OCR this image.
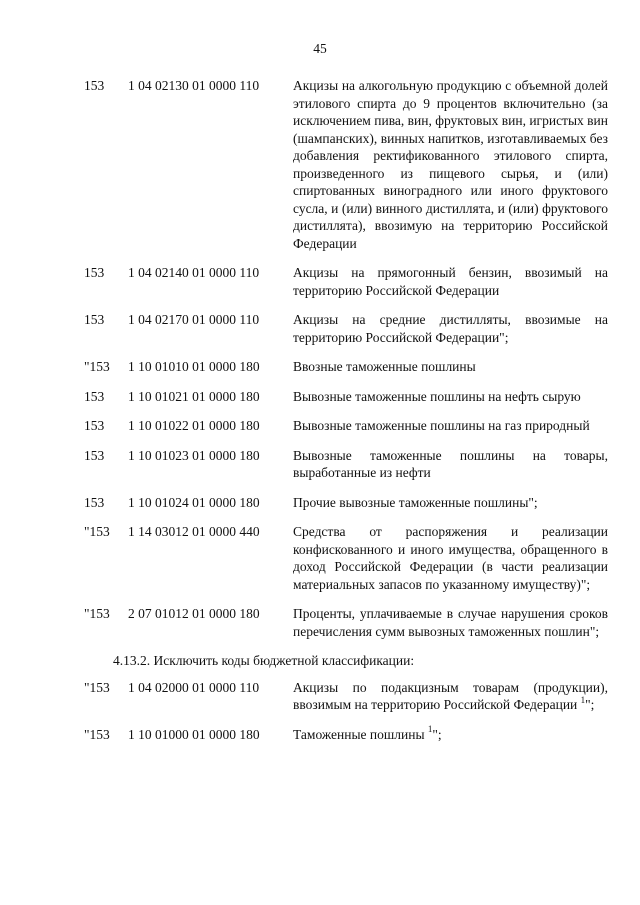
45
153	1 04 02130 01 0000 110	Акцизы на алкогольную продукцию с объемной долей этилового спирта до 9 процентов включительно (за исключением пива, вин, фруктовых вин, игристых вин (шампанских), винных напитков, изготавливаемых без добавления ректификованного этилового спирта, произведенного из пищевого сырья, и (или) спиртованных виноградного или иного фруктового сусла, и (или) винного дистиллята, и (или) фруктового дистиллята), ввозимую на территорию Российской Федерации
153	1 04 02140 01 0000 110	Акцизы на прямогонный бензин, ввозимый на территорию Российской Федерации
153	1 04 02170 01 0000 110	Акцизы на средние дистилляты, ввозимые на территорию Российской Федерации";
"153	1 10 01010 01 0000 180	Ввозные таможенные пошлины
153	1 10 01021 01 0000 180	Вывозные таможенные пошлины на нефть сырую
153	1 10 01022 01 0000 180	Вывозные таможенные пошлины на газ природный
153	1 10 01023 01 0000 180	Вывозные таможенные пошлины на товары, выработанные из нефти
153	1 10 01024 01 0000 180	Прочие вывозные таможенные пошлины";
"153	1 14 03012 01 0000 440	Средства от распоряжения и реализации конфискованного и иного имущества, обращенного в доход Российской Федерации (в части реализации материальных запасов по указанному имуществу)";
"153	2 07 01012 01 0000 180	Проценты, уплачиваемые в случае нарушения сроков перечисления сумм вывозных таможенных пошлин";
4.13.2. Исключить коды бюджетной классификации:
"153	1 04 02000 01 0000 110	Акцизы по подакцизным товарам (продукции), ввозимым на территорию Российской Федерации $^1$";
"153	1 10 01000 01 0000 180	Таможенные пошлины $^1$";
